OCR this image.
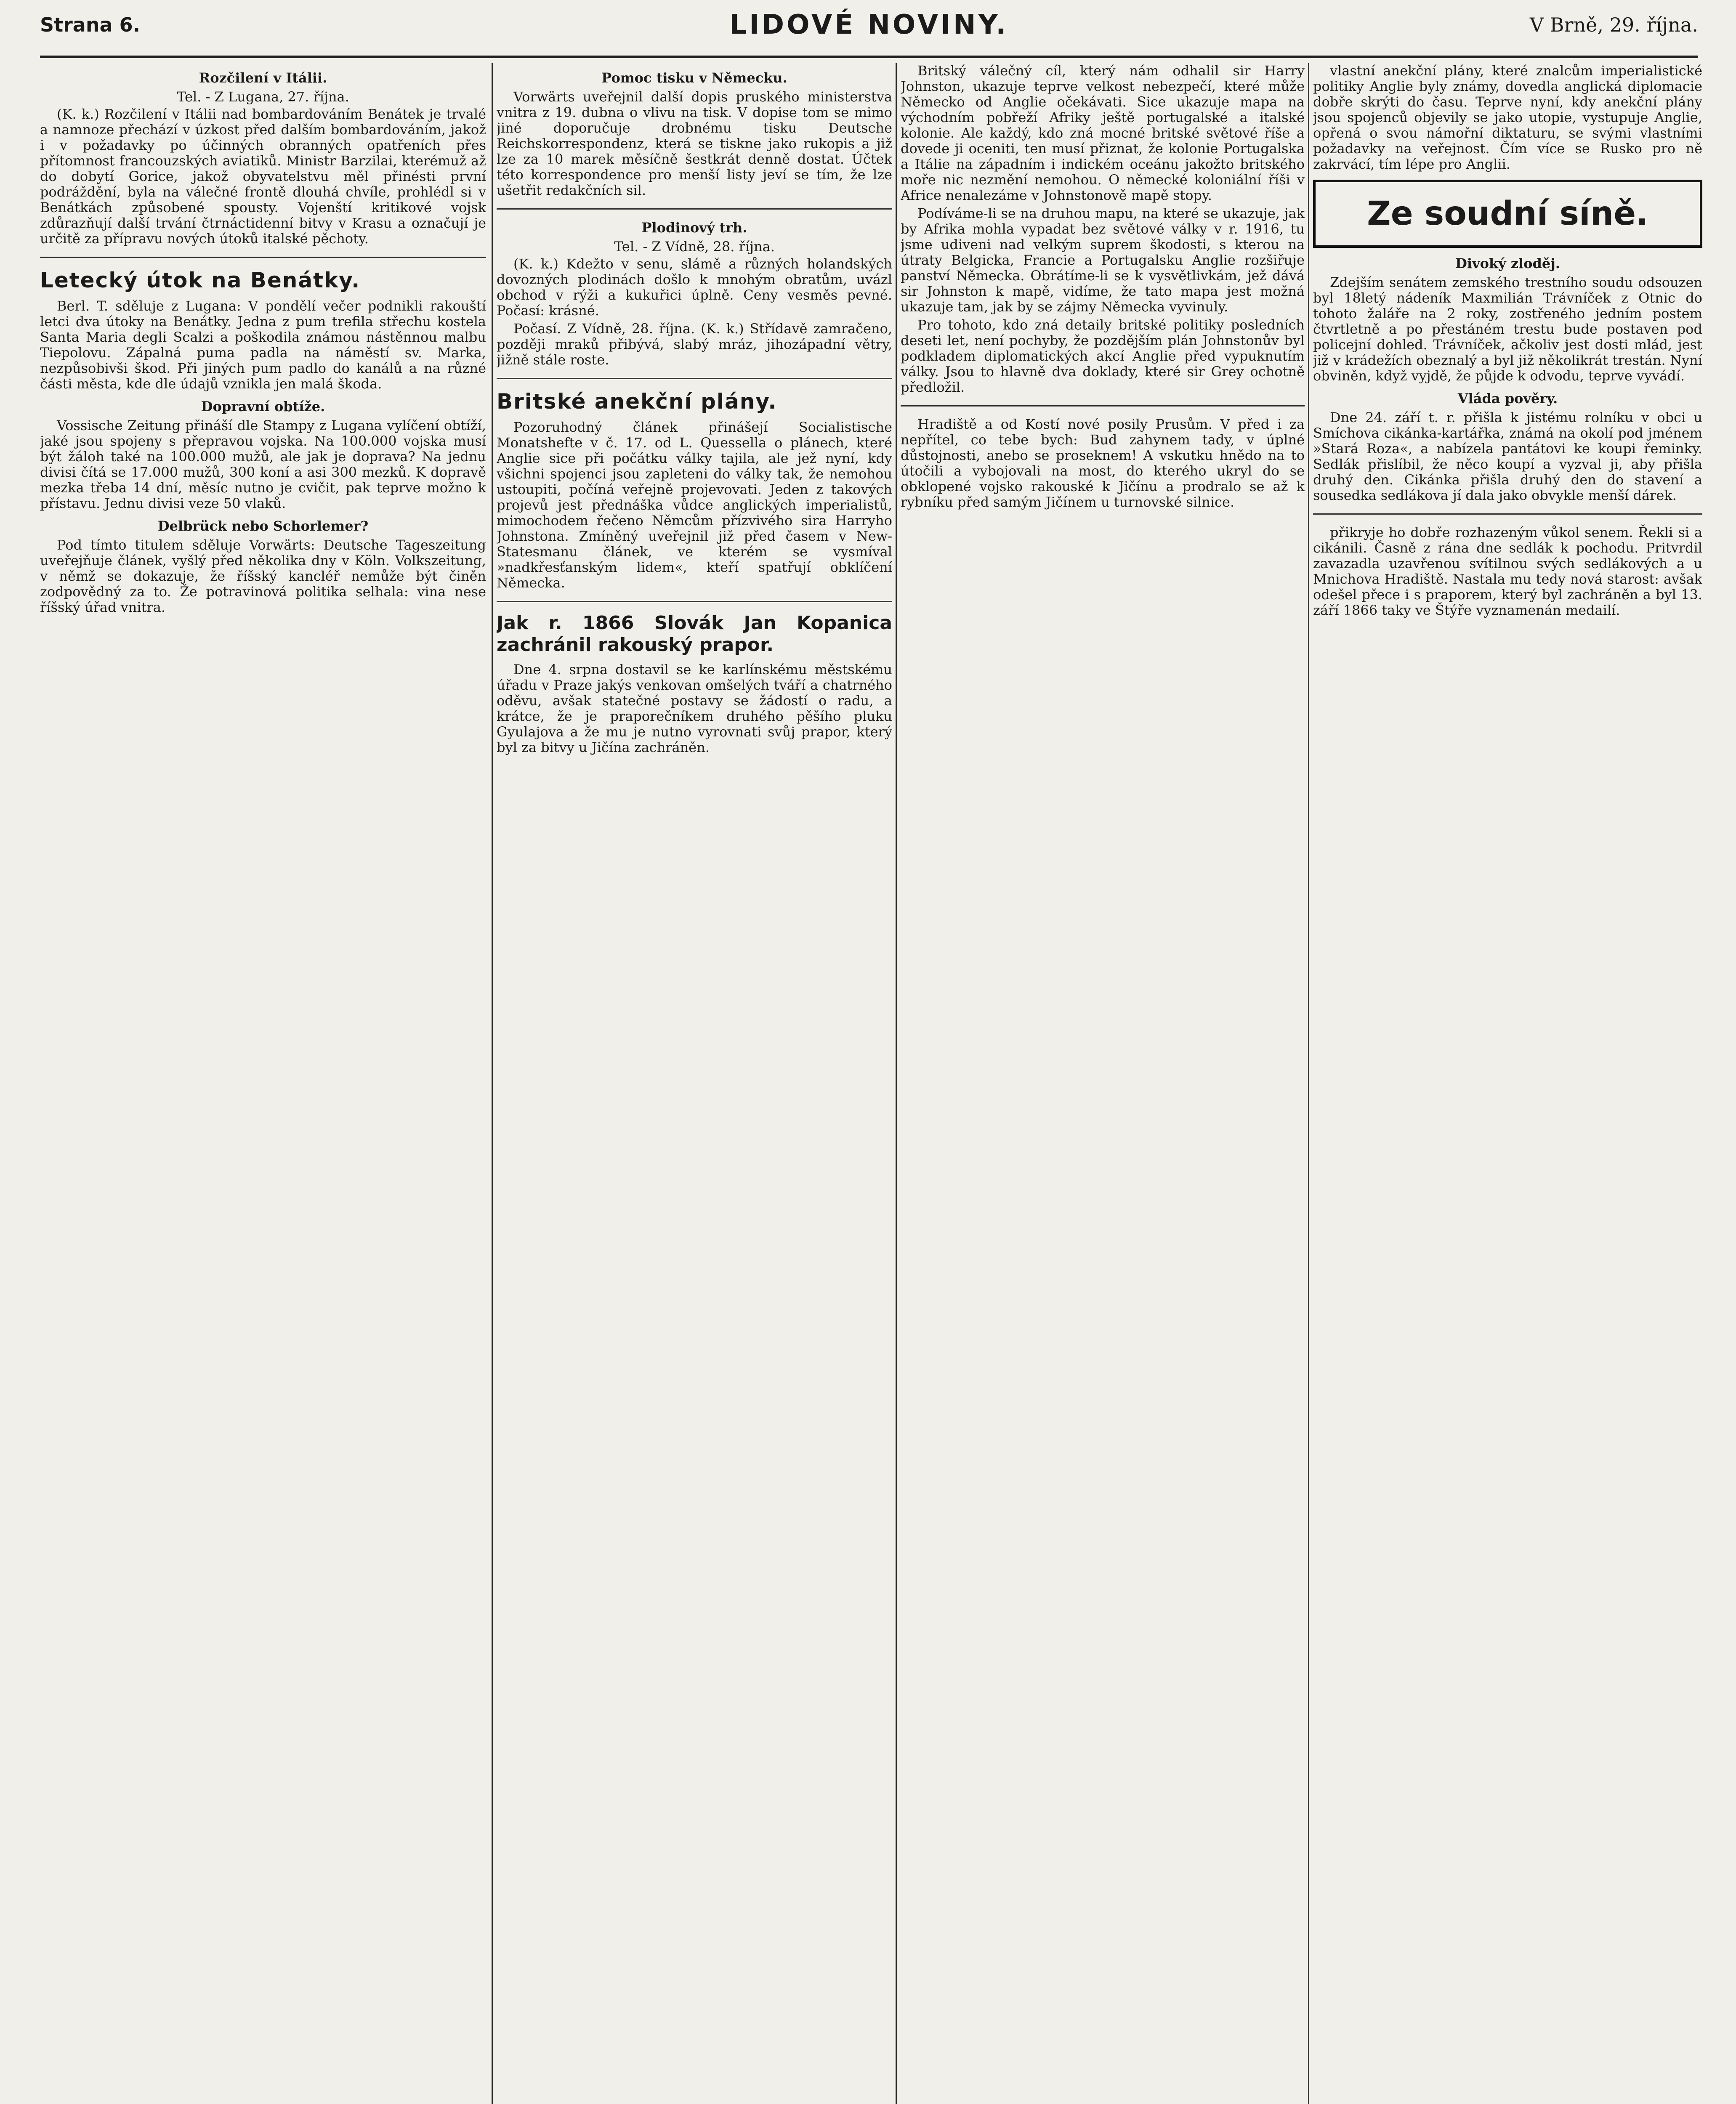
Strana 6.	LIDOVÉ NOVINY.	V Brně, 29. října.
Rozčilení v Itálii.
Tel. - Z Lugana, 27. října.

(K. k.) Rozčilení v Itálii nad bombardováním Benátek je trvalé a namnoze přechází v úzkost před dalším bombardováním, jakož i v požadavky po účinných obranných opatřeních přes přítomnost francouzských aviatiků. Ministr Barzilai, kterémuž až do dobytí Gorice, jakož obyvatelstvu měl přinésti první podráždění, byla na válečné frontě dlouhá chvíle, prohlédl si v Benátkách způsobené spousty. Vojenští kritikové vojsk zdůrazňují další trvání čtrnáctidenní bitvy v Krasu a označují je určitě za přípravu nových útoků italské pěchoty.

Letecký útok na Benátky.

Berl. T. sděluje z Lugana: V pondělí večer podnikli rakouští letci dva útoky na Benátky. Jedna z pum trefila střechu kostela Santa Maria degli Scalzi a poškodila známou nástěnnou malbu Tiepolovu. Zápalná puma padla na náměstí sv. Marka, nezpůsobivši škod. Při jiných pum padlo do kanálů a na různé části města, kde dle údajů vznikla jen malá škoda.

Dopravní obtíže.

Vossische Zeitung přináší dle Stampy z Lugana vylíčení obtíží, jaké jsou spojeny s přepravou vojska. Na 100.000 vojska musí být žáloh také na 100.000 mužů, ale jak je doprava? Na jednu divisi čítá se 17.000 mužů, 300 koní a asi 300 mezků. K dopravě mezka třeba 14 dní, měsíc nutno je cvičit, pak teprve možno k přístavu. Jednu divisi veze 50 vlaků.

Delbrück nebo Schorlemer?

Pod tímto titulem sděluje Vorwärts: Deutsche Tageszeitung uveřejňuje článek, vyšlý před několika dny v Köln. Volkszeitung, v němž se dokazuje, že říšský kancléř nemůže být činěn zodpovědný za to. Že potravinová politika selhala: vina nese říšský úřad vnitra.

Pomoc tisku v Německu.

Vorwärts uveřejnil další dopis pruského ministerstva vnitra z 19. dubna o vlivu na tisk. V dopise tom se mimo jiné doporučuje drobnému tisku Deutsche Reichskorrespondenz, která se tiskne jako rukopis a již lze za 10 marek měsíčně šestkrát denně dostat. Účtek této korrespondence pro menší listy jeví se tím, že lze ušetřit redakčních sil.

Plodinový trh.
Tel. - Z Vídně, 28. října.

(K. k.) Kdežto v senu, slámě a různých holandských dovozných plodinách došlo k mnohým obratům, uvázl obchod v rýži a kukuřici úplně. Ceny vesměs pevné. Počasí: krásné.

Počasí. Z Vídně, 28. října. (K. k.) Střídavě zamračeno, později mraků přibývá, slabý mráz, jihozápadní větry, jižně stále roste.

Britské anekční plány.

Pozoruhodný článek přinášejí Socialistische Monatshefte v č. 17. od L. Quessella o plánech, které Anglie sice při počátku války tajila, ale jež nyní, kdy všichni spojenci jsou zapleteni do války tak, že nemohou ustoupiti, počíná veřejně projevovati. Jeden z takových projevů jest přednáška vůdce anglických imperialistů, mimochodem řečeno Němcům přízvivého sira Harryho Johnstona. Zmíněný uveřejnil již před časem v New-Statesmanu článek, ve kterém se vysmíval »nadkřesťanským lidem«, kteří spatřují obklíčení Německa.

Jak r. 1866 Slovák Jan Kopanica zachránil rakouský prapor.

Dne 4. srpna dostavil se ke karlínskému městskému úřadu v Praze jakýs venkovan omšelých tváří a chatrného oděvu, avšak statečné postavy se žádostí o radu, a krátce, že je praporečníkem druhého pěšího pluku Gyulajova a že mu je nutno vyrovnati svůj prapor, který byl za bitvy u Jičína zachráněn.

Britský válečný cíl, který nám odhalil sir Harry Johnston, ukazuje teprve velkost nebezpečí, které může Německo od Anglie očekávati. Sice ukazuje mapa na východním pobřeží Afriky ještě portugalské a italské kolonie. Ale každý, kdo zná mocné britské světové říše a dovede ji oceniti, ten musí přiznat, že kolonie Portugalska a Itálie na západním i indickém oceánu jakožto britského moře nic nezmění nemohou. O německé koloniální říši v Africe nenalezáme v Johnstonově mapě stopy.

Podíváme-li se na druhou mapu, na které se ukazuje, jak by Afrika mohla vypadat bez světové války v r. 1916, tu jsme udiveni nad velkým suprem škodosti, s kterou na útraty Belgicka, Francie a Portugalsku Anglie rozšiřuje panství Německa. Obrátíme-li se k vysvětlivkám, jež dává sir Johnston k mapě, vidíme, že tato mapa jest možná ukazuje tam, jak by se zájmy Německa vyvinuly.

Pro tohoto, kdo zná detaily britské politiky posledních deseti let, není pochyby, že pozdějším plán Johnstonův byl podkladem diplomatických akcí Anglie před vypuknutím války. Jsou to hlavně dva doklady, které sir Grey ochotně předložil.

Hradiště a od Kostí nové posily Prusům. V před i za nepřítel, co tebe bych: Bud zahynem tady, v úplné důstojnosti, anebo se proseknem! A vskutku hnědo na to útočili a vybojovali na most, do kterého ukryl do se obklopené vojsko rakouské k Jičínu a prodralo se až k rybníku před samým Jičínem u turnovské silnice.

vlastní anekční plány, které znalcům imperialistické politiky Anglie byly známy, dovedla anglická diplomacie dobře skrýti do času. Teprve nyní, kdy anekční plány jsou spojenců objevily se jako utopie, vystupuje Anglie, opřená o svou námořní diktaturu, se svými vlastními požadavky na veřejnost. Čím více se Rusko pro ně zakrvácí, tím lépe pro Anglii.

Ze soudní síně.
Divoký zloděj.

Zdejším senátem zemského trestního soudu odsouzen byl 18letý nádeník Maxmilián Trávníček z Otnic do tohoto žaláře na 2 roky, zostřeného jedním postem čtvrtletně a po přestáném trestu bude postaven pod policejní dohled. Trávníček, ačkoliv jest dosti mlád, jest již v krádežích obeznalý a byl již několikrát trestán. Nyní obviněn, když vyjdě, že půjde k odvodu, teprve vyvádí.

Vláda pověry.

Dne 24. září t. r. přišla k jistému rolníku v obci u Smíchova cikánka-kartářka, známá na okolí pod jménem »Stará Roza«, a nabízela pantátovi ke koupi řeminky. Sedlák přislíbil, že něco koupí a vyzval ji, aby přišla druhý den. Cikánka přišla druhý den do stavení a sousedka sedlákova jí dala jako obvykle menší dárek.

přikryje ho dobře rozhazeným vůkol senem. Řekli si a cikánili. Časně z rána dne sedlák k pochodu. Pritvrdil zavazadla uzavřenou svítilnou svých sedlákových a u Mnichova Hradiště. Nastala mu tedy nová starost: avšak odešel přece i s praporem, který byl zachráněn a byl 13. září 1866 taky ve Štýře vyznamenán medailí.
